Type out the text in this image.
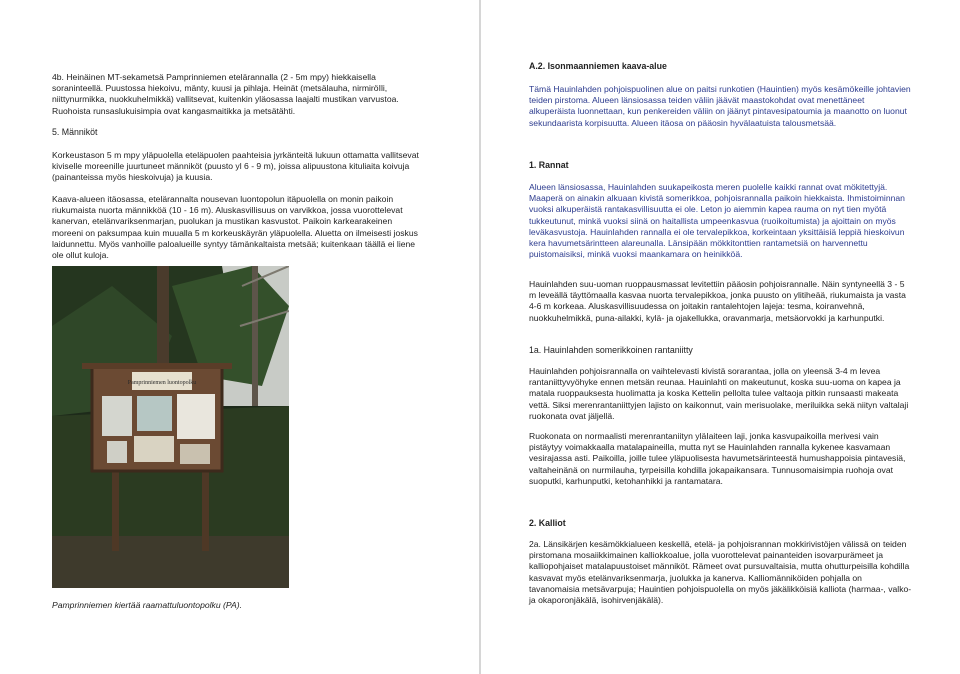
4b. Heinäinen MT-sekametsä Pamprinniemen etelärannalla (2 - 5m mpy) hiekkaisella soraninteellä. Puustossa hiekoivu, mänty, kuusi ja pihlaja. Heinät (metsälauha, nirmiröIli, niittynurmikka, nuokkuhelmikkä) vallitsevat, kuitenkin yläosassa laajalti mustikan varvustoa. Ruohoista runsaslukuisimpia ovat kangasmaitikka ja metsätähti.

5. Männiköt

Korkeustason 5 m mpy yläpuolella eteläpuolen paahteisia jyrkänteitä lukuun ottamatta vallitsevat kiviselle moreenille juurtuneet männiköt (puusto yl 6 - 9 m), joissa alipuustona kituliaita koivuja (painanteissa myös hieskoivuja) ja kuusia.

Kaava-alueen itäosassa, etelärannalta nousevan luontopolun itäpuolella on monin paikoin riukumaista nuorta männikköä (10 - 16 m). Aluskasvillisuus on varvikkoa, jossa vuorottelevat kanervan, etelänvariksenmarjan, puolukan ja mustikan kasvustot. Paikoin karkearakeinen moreeni on paksumpaa kuin muualla 5 m korkeuskäyrän yläpuolella. Aluetta on ilmeisesti joskus laidunnettu. Myös vanhoille paloalueille syntyy tämänkaltaista metsää; kuitenkaan täällä ei liene ole ollut kuloja.

Pamprinniemen luontopolku

Pamprinniemen kiertää raamattuluontopolku (PA).

A.2. Isonmaanniemen kaava-alue

Tämä Hauinlahden pohjoispuolinen alue on paitsi runkotien (Hauintien) myös kesämökeille johtavien teiden pirstoma. Alueen länsiosassa teiden väliin jäävät maastokohdat ovat menettäneet alkuperäista luonnettaan, kun penkereiden väliin on jäänyt pintavesipatoumia ja maanotto on luonut sekundaarista korpisuutta. Alueen itäosa on pääosin hyvälaatuista talousmetsää.

1. Rannat

Alueen länsiosassa, Hauinlahden suukapeikosta meren puolelle kaikki rannat ovat mökitettyjä. Maaperä on ainakin alkuaan kivistä somerikkoa, pohjoisrannalla paikoin hiekkaista. Ihmistoiminnan vuoksi alkuperäistä rantakasvillisuutta ei ole. Leton jo aiemmin kapea rauma on nyt tien myötä tukkeutunut, minkä vuoksi siinä on haitallista umpeenkasvua (ruoikoitumista) ja ajoittain on myös leväkasvustoja. Hauinlahden rannalla ei ole tervalepikkoa, korkeintaan yksittäisiä leppiä hieskoivun kera havumetsärintteen alareunalla. Länsipään mökkitonttien rantametsiä on harvennettu puistomaisiksi, minkä vuoksi maankamara on heinikköä.

Hauinlahden suu-uoman ruoppausmassat levitettiin pääosin pohjoisrannalle. Näin syntyneellä 3 - 5 m leveällä täyttömaalla kasvaa nuorta tervalepikkoa, jonka puusto on ylitiheää, riukumaista ja vasta 4-6 m korkeaa. Aluskasvillisuudessa on joitakin rantalehtojen lajeja: tesma, koiranvehnä, nuokkuhelmikkä, puna-ailakki, kylä- ja ojakellukka, oravanmarja, metsäorvokki ja karhunputki.

1a. Hauinlahden somerikkoinen rantaniitty

Hauinlahden pohjoisrannalla on vaihtelevasti kivistä sorarantaa, jolla on yleensä 3-4 m levea rantaniittyvyöhyke ennen metsän reunaa. Hauinlahti on makeutunut, koska suu-uoma on kapea ja matala ruoppauksesta huolimatta ja koska Kettelin pellolta tulee valtaoja pitkin runsaasti makeata vettä. Siksi merenrantaniittyjen lajisto on kaikonnut, vain merisuolake, meriluikka sekä niityn valtalaji ruokonata ovat jäljellä.

Ruokonata on normaalisti merenrantaniityn yläIaiteen laji, jonka kasvupaikoilla merivesi vain pistäytyy voimakkaalla matalapaineilla, mutta nyt se Hauinlahden rannalla kykenee kasvamaan vesirajassa asti. Paikoilla, joille tulee yläpuolisesta havumetsärinteestä humushappoisia pintavesiä, valtaheinänä on nurmilauha, tyrpeisilla kohdilla jokapaikansara. Tunnusomaisimpia ruohoja ovat suoputki, karhunputki, ketohanhikki ja rantamatara.

2. Kalliot

2a. Länsikärjen kesämökkialueen keskellä, etelä- ja pohjoisrannan mokkirivistöjen välissä on teiden pirstomana mosaiikkimainen kalliokkoalue, jolla vuorottelevat painanteiden isovarpurämeet ja kalliopohjaiset matalapuustoiset männiköt. Rämeet ovat pursuvaltaisia, mutta ohutturpeisilla kohdilla kasvavat myös etelänvariksenmarja, juolukka ja kanerva. Kalliomänniköiden pohjalla on tavanomaisia metsävarpuja; Hauintien pohjoispuolella on myös jäkälikköisiä kalliota (harmaa-, valko- ja okaporonjäkälä, isohirvenjäkälä).
